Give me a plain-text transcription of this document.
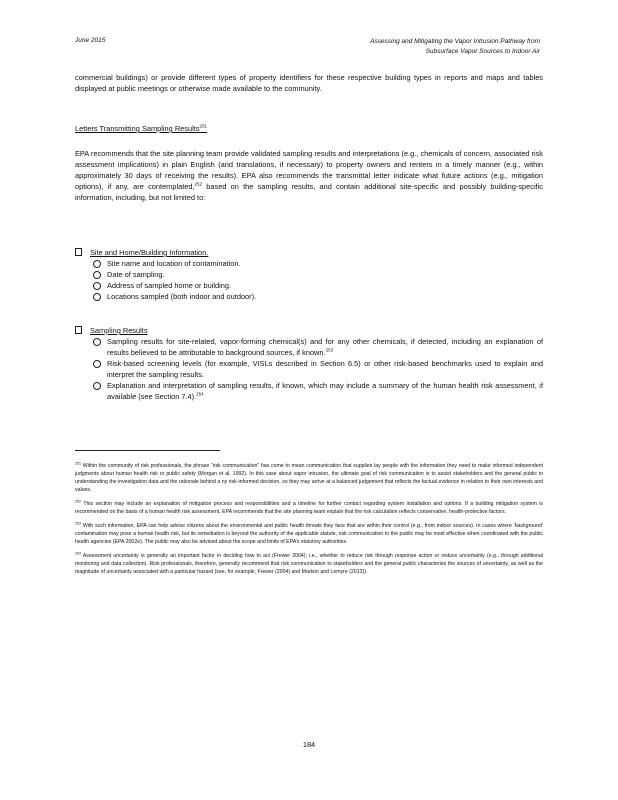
June 2015	Assessing and Mitigating the Vapor Intrusion Pathway from
Subsurface Vapor Sources to Indoor Air

commercial buildings) or provide different types of property identifiers for these respective building types in reports and maps and tables displayed at public meetings or otherwise made available to the community.

Letters Transmitting Sampling Results$^{251}$

EPA recommends that the site planning team provide validated sampling results and interpretations (e.g., chemicals of concern, associated risk assessment implications) in plain English (and translations, if necessary) to property owners and renters in a timely manner (e.g., within approximately 30 days of receiving the results). EPA also recommends the transmittal letter indicate what future actions (e.g., mitigation options), if any, are contemplated,$^{252}$ based on the sampling results, and contain additional site-specific and possibly building-specific information, including, but not limited to:

Site and Home/Building Information.
Site name and location of contamination.
Date of sampling.
Address of sampled home or building.
Locations sampled (both indoor and outdoor).
Sampling Results
Sampling results for site-related, vapor-forming chemical(s) and for any other chemicals, if detected, including an explanation of results believed to be attributable to background sources, if known.$^{253}$
Risk-based screening levels (for example, VISLs described in Section 6.5) or other risk-based benchmarks used to explain and interpret the sampling results.
Explanation and interpretation of sampling results, if known, which may include a summary of the human health risk assessment, if available (see Section 7.4).$^{254}$

$^{251}$ Within the community of risk professionals, the phrase “risk communication” has come to mean communication that supplies lay people with the information they need to make informed independent judgments about human health risk or public safety (Morgan et al. 1992). In this case about vapor intrusion, the ultimate goal of risk communication is to assist stakeholders and the general public in understanding the investigation data and the rationale behind a ny risk-informed decision, so they may arrive at a balanced judgement that reflects the factual evidence in relation to their own interests and values.

$^{252}$ This section may include an explanation of mitigation process and responsibilities and a timeline for further contact regarding system installation and options. If a building mitigation system is recommended on the basis of a human health risk assessment, EPA recommends that the site planning team explain that the risk calculation reflects conservative, health-protective factors.

$^{253}$ With such information, EPA can help advise citizens about the environmental and public health threats they face that are within their control (e.g., from indoor sources). In cases where ‘background’ contamination may pose a human health risk, but its remediation is beyond the authority of the applicable statute, risk communication to the public may be most effective when coordinated with the public health agencies (EPA 2002e). The public may also be advised about the scope and limits of EPA’s statutory authorities.

$^{254}$ Assessment uncertainty is generally an important factor in deciding how to act (Frewer 2004); i.e., whether to reduce risk through response action or reduce uncertainty (e.g., through additional monitoring and data collection). Risk professionals, therefore, generally recommend that risk communication to stakeholders and the general public characterize the sources of uncertainty, as well as the magnitude of uncertainty associated with a particular hazard (see, for example, Frewer (2004) and Markon and Lemyre (2013)).

184
